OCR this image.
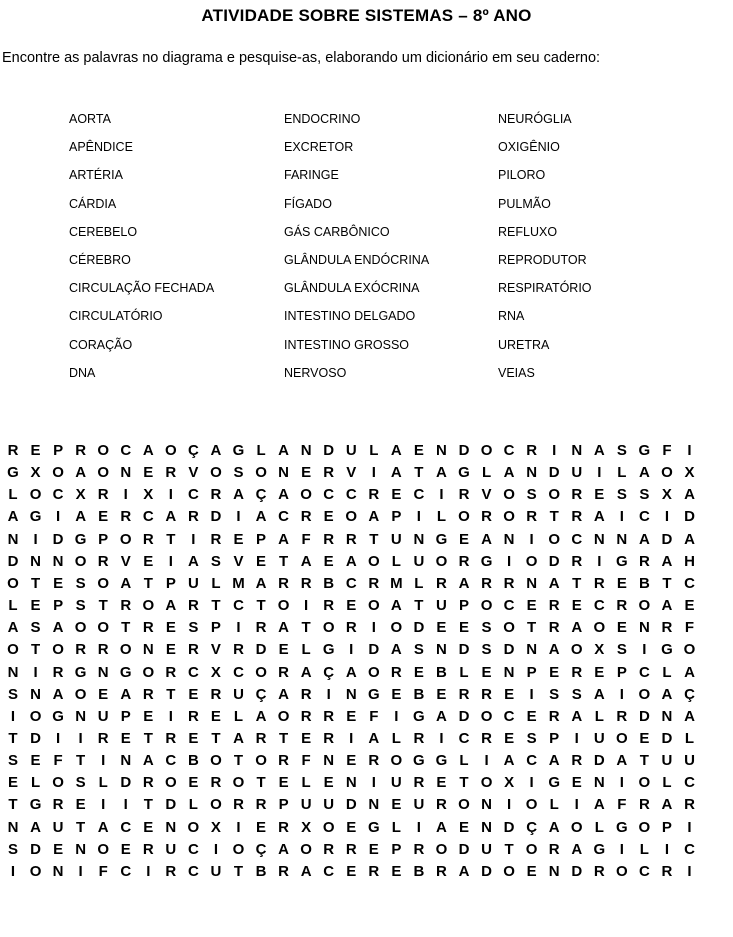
ATIVIDADE SOBRE SISTEMAS – 8º ANO
Encontre as palavras no diagrama e pesquise-as, elaborando um dicionário em seu caderno:
AORTA
APÊNDICE
ARTÉRIA
CÁRDIA
CEREBELO
CÉREBRO
CIRCULAÇÃO FECHADA
CIRCULATÓRIO
CORAÇÃO
DNA
ENDOCRINO
EXCRETOR
FARINGE
FÍGADO
GÁS CARBÔNICO
GLÂNDULA ENDÓCRINA
GLÂNDULA EXÓCRINA
INTESTINO DELGADO
INTESTINO GROSSO
NERVOSO
NEURÓGLIA
OXIGÊNIO
PILORO
PULMÃO
REFLUXO
REPRODUTOR
RESPIRATÓRIO
RNA
URETRA
VEIAS
R E P R O C A O Ç A G L A N D U L A E N D O C R	I	N A S G F	I
G X O A O N E R V O S O N E R V	I	A T A G L A N D U	I	L A O X
L O C X R	I	X	I	C R A Ç A O C C R E C	I	R V O S O R E S S X A
A G I	A E R C A R D	I	A C R E O A P	I	L O R O R T R A	I	C	I	D
N	I	D G P O R T	I	R E P A F R R T U N G E A N	I O C N N A D A
D N N O R V E	I	A S V E T A E A O L U O R G I O D R	I G R A H
O T E S O A T P U L M A R R B C R M L R A R R N A T R E B T C
L E P S T R O A R T C T O I	R E O A T U P O C E R E C R O A E
A S A O O T R E S P	I	R A T O R	I O D E E S O T R A O E N R F
O T O R R O N E R V R D E L G I	D A S N D S D N A O X S	I G O
N	I	R G N G O R C X C O R A Ç A O R E B L E N P E R E P C L A
S N A O E A R T E R U Ç A R	I	N G E B E R R E	I	S S A	I O A Ç
I O G N U P E	I	R E L A O R R E F	I G A D O C E R A L R D N A
T D	I	I	R E T R E T A R T E R	I	A L R	I	C R E S P	I	U O E D L
S E F T	I	N A C B O T O R F N E R O G G L	I	A C A R D A T U U
E L O S L D R O E R O T E L E N	I	U R E T O X	I G E N	I O L C
T G R E	I	I	T D L O R R P U U D N E U R O N	I O L	I	A F R A R
N A U T A C E N O X	I	E R X O E G L	I	A E N D Ç A O L G O P	I
S D E N O E R U C	I O Ç A O R R E P R O D U T O R A G I	L	I	C
I O N	I	F C	I	R C U T B R A C E R E B R A D O E N D R O C R	I
